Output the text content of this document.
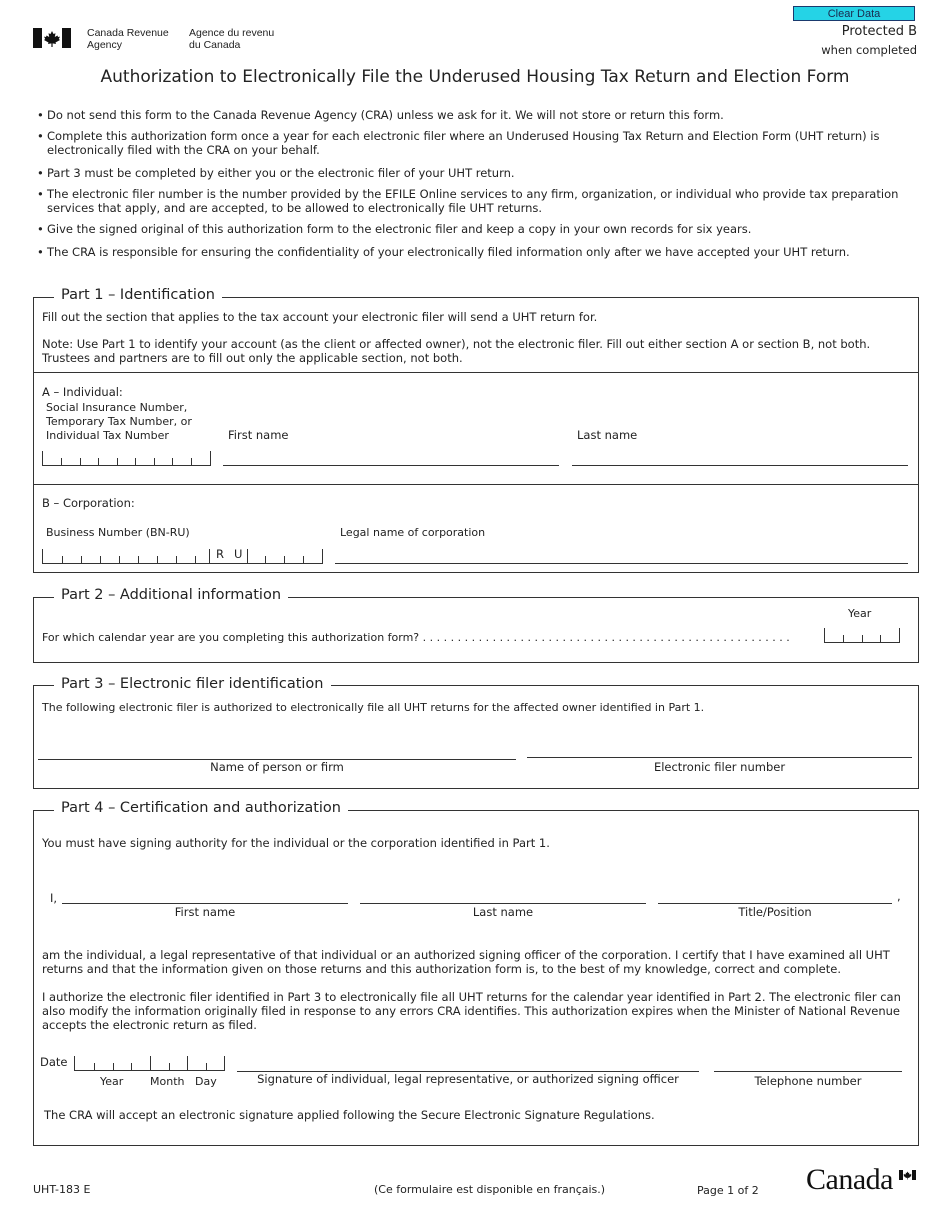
Canada Revenue
Agency
Agence du revenu
du Canada
Clear Data
Protected B
when completed
Authorization to Electronically File the Underused Housing Tax Return and Election Form
• Do not send this form to the Canada Revenue Agency (CRA) unless we ask for it. We will not store or return this form.
• Complete this authorization form once a year for each electronic filer where an Underused Housing Tax Return and Election Form (UHT return) is electronically filed with the CRA on your behalf.
• Part 3 must be completed by either you or the electronic filer of your UHT return.
• The electronic filer number is the number provided by the EFILE Online services to any firm, organization, or individual who provide tax preparation services that apply, and are accepted, to be allowed to electronically file UHT returns.
• Give the signed original of this authorization form to the electronic filer and keep a copy in your own records for six years.
• The CRA is responsible for ensuring the confidentiality of your electronically filed information only after we have accepted your UHT return.
Part 1 – Identification
Fill out the section that applies to the tax account your electronic filer will send a UHT return for.
Note: Use Part 1 to identify your account (as the client or affected owner), not the electronic filer. Fill out either section A or section B, not both. Trustees and partners are to fill out only the applicable section, not both.
A – Individual:
Social Insurance Number,
Temporary Tax Number, or
Individual Tax Number	First name	Last name
B – Corporation:
Business Number (BN-RU)
R U
Legal name of corporation
Part 2 – Additional information
Year
For which calendar year are you completing this authorization form? . . . . . . . . . . . . . . . . . . . . . . . . . . . . . . . . . . . . . . . . . . . . . . . . . . . . .
Part 3 – Electronic filer identification
The following electronic filer is authorized to electronically file all UHT returns for the affected owner identified in Part 1.
Name of person or firm	Electronic filer number
Part 4 – Certification and authorization
You must have signing authority for the individual or the corporation identified in Part 1.
I,
First name	Last name	Title/Position
,
am the individual, a legal representative of that individual or an authorized signing officer of the corporation. I certify that I have examined all UHT returns and that the information given on those returns and this authorization form is, to the best of my knowledge, correct and complete.
I authorize the electronic filer identified in Part 3 to electronically file all UHT returns for the calendar year identified in Part 2. The electronic filer can also modify the information originally filed in response to any errors CRA identifies. This authorization expires when the Minister of National Revenue accepts the electronic return as filed.
Date
Year Month Day	Signature of individual, legal representative, or authorized signing officer	Telephone number
The CRA will accept an electronic signature applied following the Secure Electronic Signature Regulations.
UHT-183 E	(Ce formulaire est disponible en français.)	Page 1 of 2 Canada
